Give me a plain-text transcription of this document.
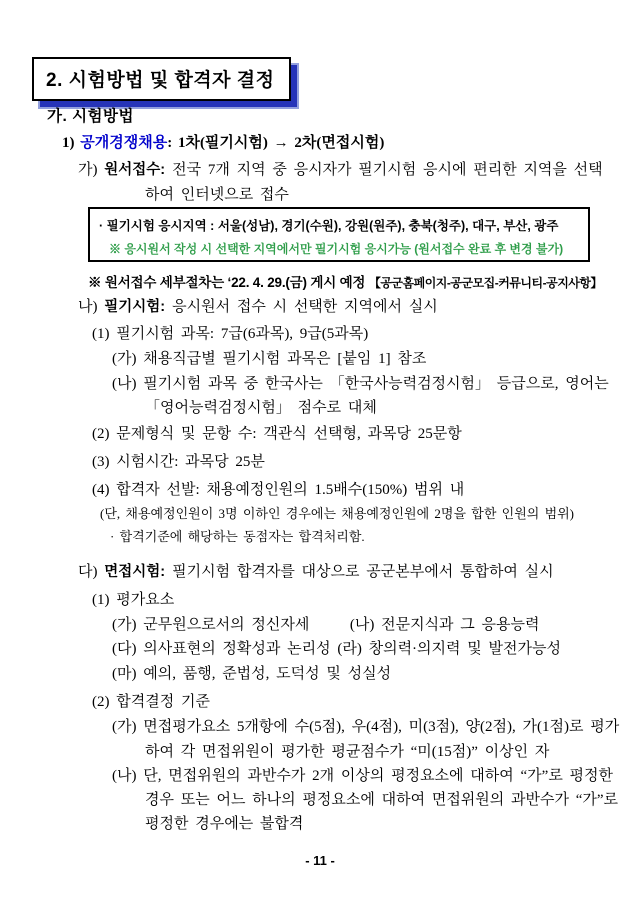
2. 시험방법 및 합격자 결정
가. 시험방법
1) 공개경쟁채용: 1차(필기시험) → 2차(면접시험)
가) 원서접수: 전국 7개 지역 중 응시자가 필기시험 응시에 편리한 지역을 선택
하여 인터넷으로 접수
· 필기시험 응시지역 : 서울(성남), 경기(수원), 강원(원주), 충북(청주), 대구, 부산, 광주
※ 응시원서 작성 시 선택한 지역에서만 필기시험 응시가능 (원서접수 완료 후 변경 불가)
※ 원서접수 세부절차는 ‘22. 4. 29.(금) 게시 예정 【공군홈페이지-공군모집-커뮤니티-공지사항】
나) 필기시험: 응시원서 접수 시 선택한 지역에서 실시
(1) 필기시험 과목: 7급(6과목), 9급(5과목)
(가) 채용직급별 필기시험 과목은 [붙임 1] 참조
(나) 필기시험 과목 중 한국사는 「한국사능력검정시험」 등급으로, 영어는
「영어능력검정시험」 점수로 대체
(2) 문제형식 및 문항 수: 객관식 선택형, 과목당 25문항
(3) 시험시간: 과목당 25분
(4) 합격자 선발: 채용예정인원의 1.5배수(150%) 범위 내
(단, 채용예정인원이 3명 이하인 경우에는 채용예정인원에 2명을 합한 인원의 범위)
· 합격기준에 해당하는 동점자는 합격처리함.
다) 면접시험: 필기시험 합격자를 대상으로 공군본부에서 통합하여 실시
(1) 평가요소
(가) 군무원으로서의 정신자세      (나) 전문지식과 그 응용능력
(다) 의사표현의 정확성과 논리성 (라) 창의력·의지력 및 발전가능성
(마) 예의, 품행, 준법성, 도덕성 및 성실성
(2) 합격결정 기준
(가) 면접평가요소 5개항에 수(5점), 우(4점), 미(3점), 양(2점), 가(1점)로 평가
하여 각 면접위원이 평가한 평균점수가 “미(15점)” 이상인 자
(나) 단, 면접위원의 과반수가 2개 이상의 평정요소에 대하여 “가”로 평정한
경우 또는 어느 하나의 평정요소에 대하여 면접위원의 과반수가 “가”로
평정한 경우에는 불합격
- 11 -
